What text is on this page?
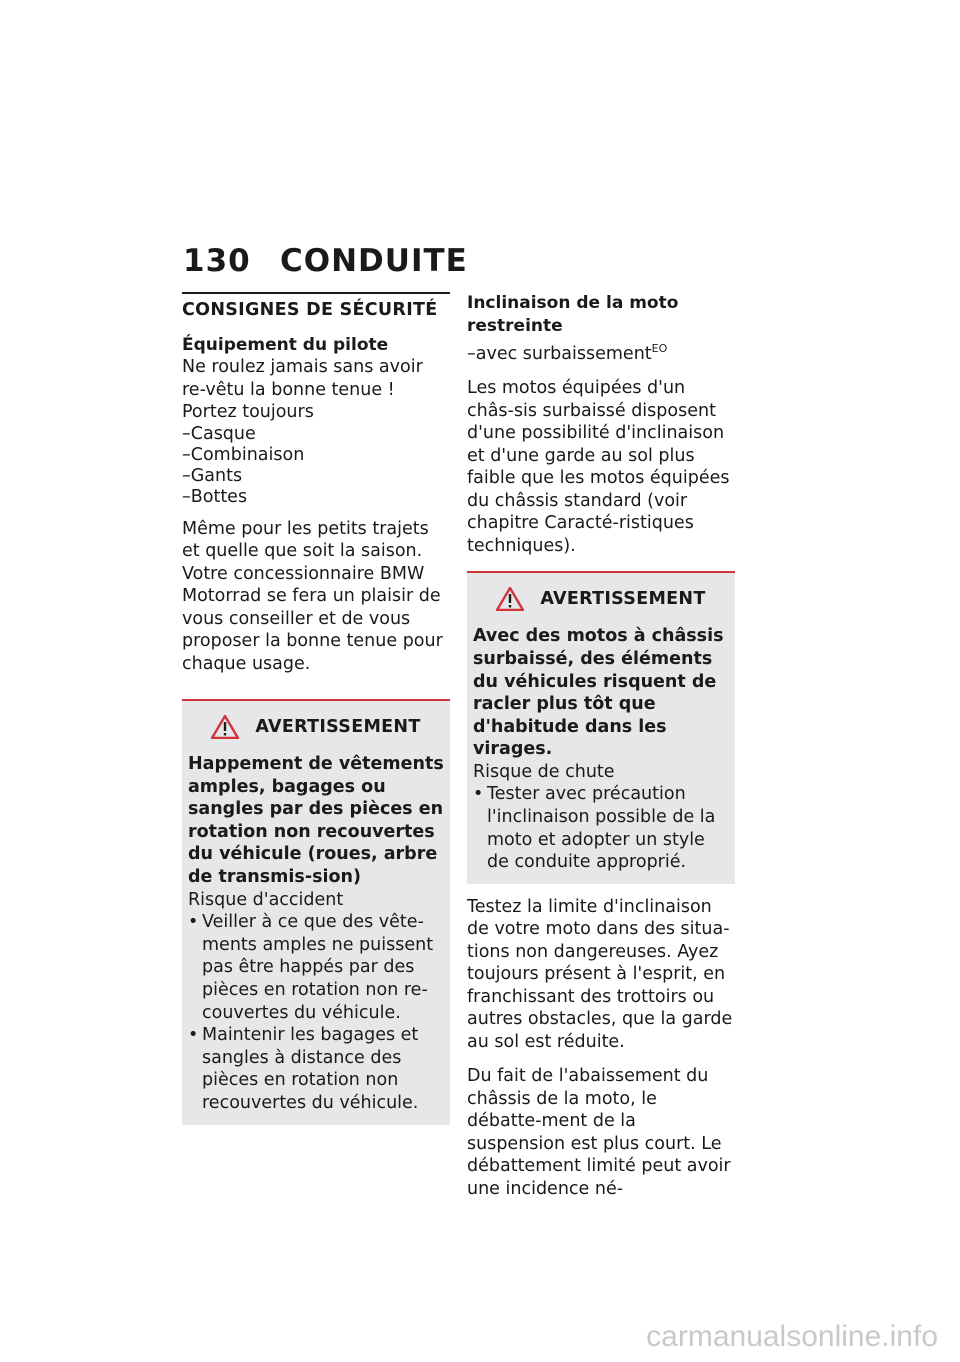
130 CONDUITE
CONSIGNES DE SÉCURITÉ
Équipement du pilote

Ne roulez jamais sans avoir re-vêtu la bonne tenue ! Portez toujours

–Casque
–Combinaison
–Gants
–Bottes

Même pour les petits trajets et quelle que soit la saison. Votre concessionnaire BMW Motorrad se fera un plaisir de vous conseiller et de vous proposer la bonne tenue pour chaque usage.

AVERTISSEMENT
Happement de vêtements amples, bagages ou sangles par des pièces en rotation non recouvertes du véhicule (roues, arbre de transmis-sion)
Risque d'accident
• Veiller à ce que des vête-ments amples ne puissent pas être happés par des pièces en rotation non re-couvertes du véhicule.
• Maintenir les bagages et sangles à distance des pièces en rotation non recouvertes du véhicule.
Inclinaison de la moto restreinte

–avec surbaissement$^{EO}$

Les motos équipées d'un châs-sis surbaissé disposent d'une possibilité d'inclinaison et d'une garde au sol plus faible que les motos équipées du châssis standard (voir chapitre Caracté-ristiques techniques).

AVERTISSEMENT
Avec des motos à châssis surbaissé, des éléments du véhicules risquent de racler plus tôt que d'habitude dans les virages.
Risque de chute
• Tester avec précaution l'inclinaison possible de la moto et adopter un style de conduite approprié.

Testez la limite d'inclinaison de votre moto dans des situa-tions non dangereuses. Ayez toujours présent à l'esprit, en franchissant des trottoirs ou autres obstacles, que la garde au sol est réduite.

Du fait de l'abaissement du châssis de la moto, le débatte-ment de la suspension est plus court. Le débattement limité peut avoir une incidence né-

carmanualsonline.info
